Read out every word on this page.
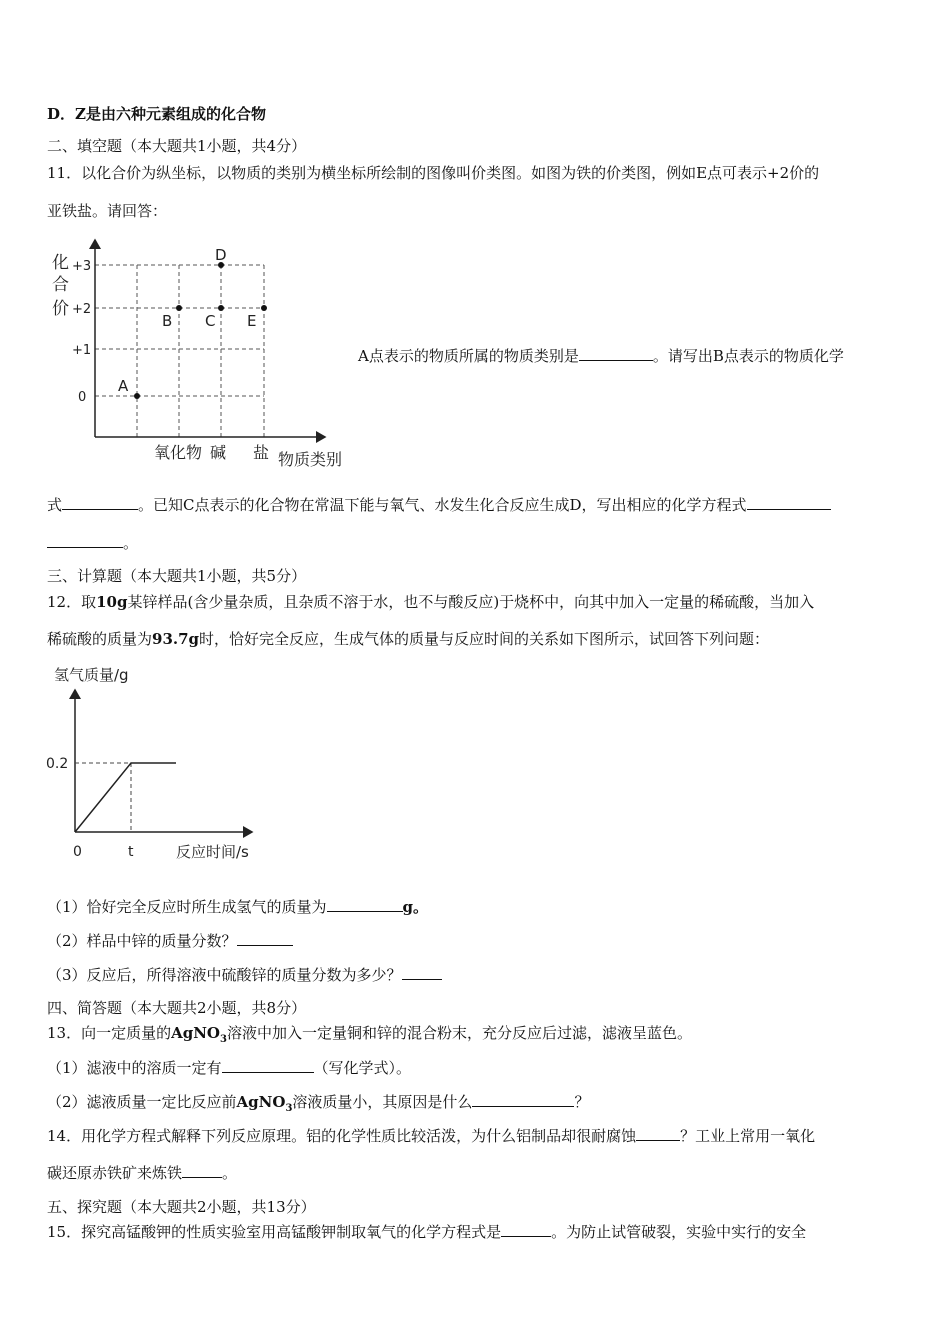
D．Z是由六种元素组成的化合物
二、填空题（本大题共1小题，共4分）
11．以化合价为纵坐标，以物质的类别为横坐标所绘制的图像叫价类图。如图为铁的价类图，例如E点可表示+2价的
亚铁盐。请回答：
化
合
价
+3
+2
+1
0
氧化物 碱 盐 物质类别
A
B C
D
E
A点表示的物质所属的物质类别是	。请写出B点表示的物质化学
式	。已知C点表示的化合物在常温下能与氧气、水发生化合反应生成D，写出相应的化学方程式
。
三、计算题（本大题共1小题，共5分）
12．取10g某锌样品(含少量杂质，且杂质不溶于水，也不与酸反应)于烧杯中，向其中加入一定量的稀硫酸，当加入
稀硫酸的质量为93.7g时，恰好完全反应，生成气体的质量与反应时间的关系如下图所示，试回答下列问题：
氢气质量/g
0.2
0	t	反应时间/s
（1）恰好完全反应时所生成氢气的质量为	g。
（2）样品中锌的质量分数？
（3）反应后，所得溶液中硫酸锌的质量分数为多少？
四、简答题（本大题共2小题，共8分）
13．向一定质量的AgNO$_3$溶液中加入一定量铜和锌的混合粉末，充分反应后过滤，滤液呈蓝色。
（1）滤液中的溶质一定有	（写化学式）。
（2）滤液质量一定比反应前AgNO$_3$溶液质量小，其原因是什么	？
14．用化学方程式解释下列反应原理。铝的化学性质比较活泼，为什么铝制品却很耐腐蚀	？工业上常用一氧化
碳还原赤铁矿来炼铁	。
五、探究题（本大题共2小题，共13分）
15．探究高锰酸钾的性质实验室用高锰酸钾制取氧气的化学方程式是	。为防止试管破裂，实验中实行的安全
